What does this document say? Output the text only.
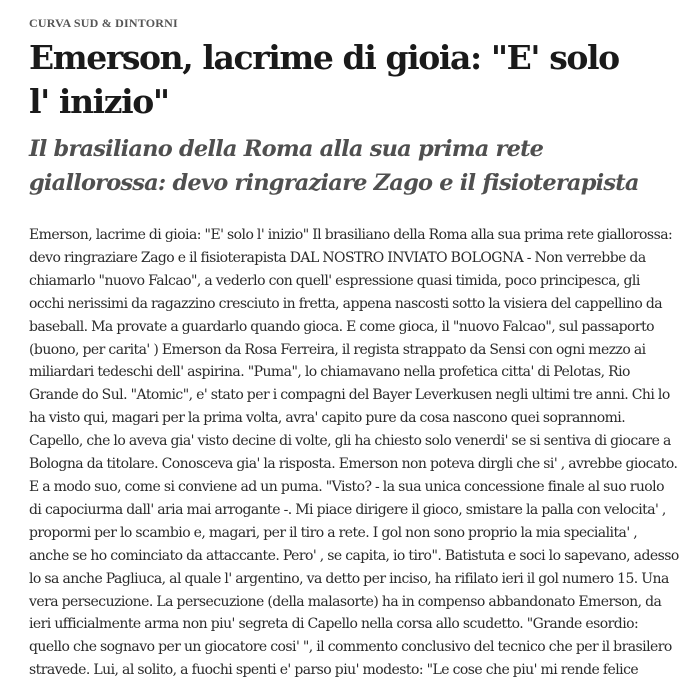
CURVA SUD & DINTORNI
Emerson, lacrime di gioia: "E' solo l' inizio"
Il brasiliano della Roma alla sua prima rete giallorossa: devo ringraziare Zago e il fisioterapista
Emerson, lacrime di gioia: "E' solo l' inizio" Il brasiliano della Roma alla sua prima rete giallorossa:
devo ringraziare Zago e il fisioterapista DAL NOSTRO INVIATO BOLOGNA - Non verrebbe da
chiamarlo "nuovo Falcao", a vederlo con quell' espressione quasi timida, poco principesca, gli
occhi nerissimi da ragazzino cresciuto in fretta, appena nascosti sotto la visiera del cappellino da
baseball. Ma provate a guardarlo quando gioca. E come gioca, il "nuovo Falcao", sul passaporto
(buono, per carita' ) Emerson da Rosa Ferreira, il regista strappato da Sensi con ogni mezzo ai
miliardari tedeschi dell' aspirina. "Puma", lo chiamavano nella profetica citta' di Pelotas, Rio
Grande do Sul. "Atomic", e' stato per i compagni del Bayer Leverkusen negli ultimi tre anni. Chi lo
ha visto qui, magari per la prima volta, avra' capito pure da cosa nascono quei soprannomi.
Capello, che lo aveva gia' visto decine di volte, gli ha chiesto solo venerdi' se si sentiva di giocare a
Bologna da titolare. Conosceva gia' la risposta. Emerson non poteva dirgli che si' , avrebbe giocato.
E a modo suo, come si conviene ad un puma. "Visto? - la sua unica concessione finale al suo ruolo
di capociurma dall' aria mai arrogante -. Mi piace dirigere il gioco, smistare la palla con velocita' ,
propormi per lo scambio e, magari, per il tiro a rete. I gol non sono proprio la mia specialita' ,
anche se ho cominciato da attaccante. Pero' , se capita, io tiro". Batistuta e soci lo sapevano, adesso
lo sa anche Pagliuca, al quale l' argentino, va detto per inciso, ha rifilato ieri il gol numero 15. Una
vera persecuzione. La persecuzione (della malasorte) ha in compenso abbandonato Emerson, da
ieri ufficialmente arma non piu' segreta di Capello nella corsa allo scudetto. "Grande esordio:
quello che sognavo per un giocatore cosi' ", il commento conclusivo del tecnico che per il brasilero
stravede. Lui, al solito, a fuochi spenti e' parso piu' modesto: "Le cose che piu' mi rende felice
